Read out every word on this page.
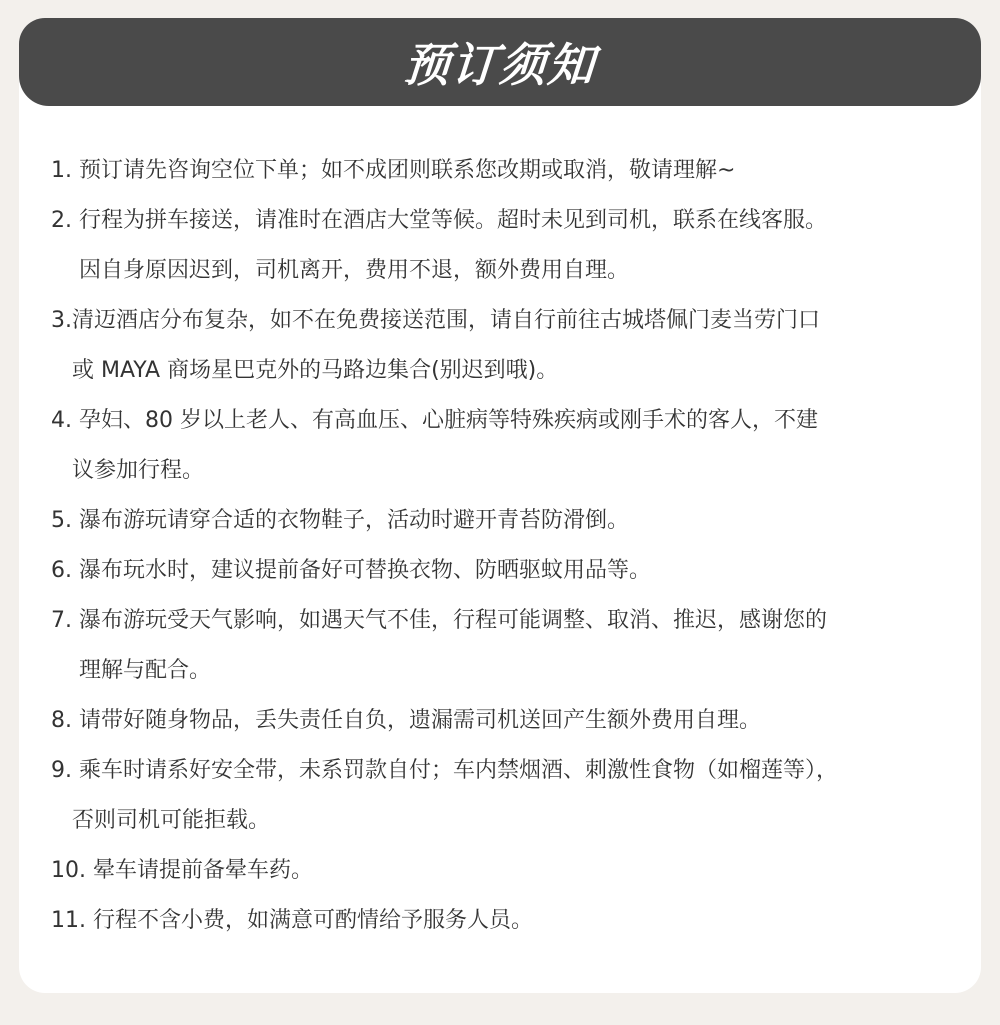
预订须知
1. 预订请先咨询空位下单；如不成团则联系您改期或取消，敬请理解~
2. 行程为拼车接送，请准时在酒店大堂等候。超时未见到司机，联系在线客服。
因自身原因迟到，司机离开，费用不退，额外费用自理。
3.清迈酒店分布复杂，如不在免费接送范围，请自行前往古城塔佩门麦当劳门口
或 MAYA 商场星巴克外的马路边集合(别迟到哦)。
4. 孕妇、80 岁以上老人、有高血压、心脏病等特殊疾病或刚手术的客人，不建
议参加行程。
5. 瀑布游玩请穿合适的衣物鞋子，活动时避开青苔防滑倒。
6. 瀑布玩水时，建议提前备好可替换衣物、防晒驱蚊用品等。
7. 瀑布游玩受天气影响，如遇天气不佳，行程可能调整、取消、推迟，感谢您的
理解与配合。
8. 请带好随身物品，丢失责任自负，遗漏需司机送回产生额外费用自理。
9. 乘车时请系好安全带，未系罚款自付；车内禁烟酒、刺激性食物（如榴莲等），
否则司机可能拒载。
10. 晕车请提前备晕车药。
11. 行程不含小费，如满意可酌情给予服务人员。
